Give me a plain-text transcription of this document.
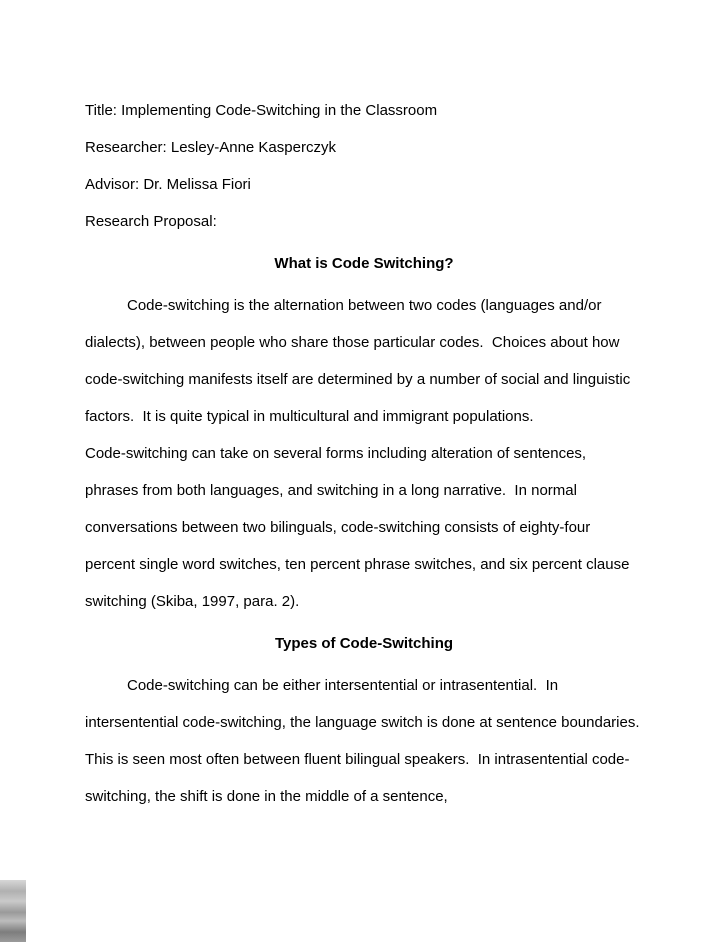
Title: Implementing Code-Switching in the Classroom

Researcher: Lesley-Anne Kasperczyk

Advisor: Dr. Melissa Fiori

Research Proposal:

What is Code Switching?

Code-switching is the alternation between two codes (languages and/or dialects), between people who share those particular codes.  Choices about how code-switching manifests itself are determined by a number of social and linguistic factors.  It is quite typical in multicultural and immigrant populations.

Code-switching can take on several forms including alteration of sentences, phrases from both languages, and switching in a long narrative.  In normal conversations between two bilinguals, code-switching consists of eighty-four percent single word switches, ten percent phrase switches, and six percent clause switching (Skiba, 1997, para. 2).

Types of Code-Switching

Code-switching can be either intersentential or intrasentential.  In intersentential code-switching, the language switch is done at sentence boundaries.  This is seen most often between fluent bilingual speakers.  In intrasentential code-switching, the shift is done in the middle of a sentence,
